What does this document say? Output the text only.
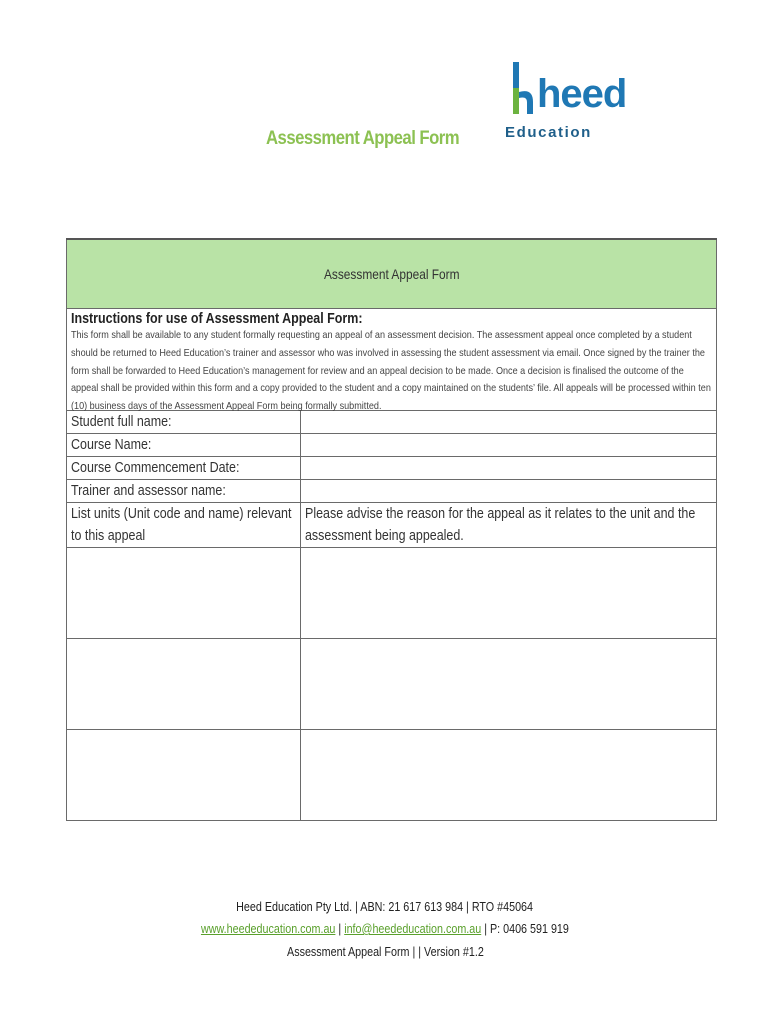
heed
Education
Assessment Appeal Form
Assessment Appeal Form	

Instructions for use of Assessment Appeal Form:
This form shall be available to any student formally requesting an appeal of an assessment decision. The assessment appeal once completed by a student should be returned to Heed Education’s trainer and assessor who was involved in assessing the student assessment via email. Once signed by the trainer the form shall be forwarded to Heed Education’s management for review and an appeal decision to be made. Once a decision is finalised the outcome of the appeal shall be provided within this form and a copy provided to the student and a copy maintained on the students’ file. All appeals will be processed within ten (10) business days of the Assessment Appeal Form being formally submitted.	

Student full name:	
Course Name:	
Course Commencement Date:	
Trainer and assessor name:	
List units (Unit code and name) relevant to this appeal	Please advise the reason for the appeal as it relates to the unit and the assessment being appealed.

Heed Education Pty Ltd. | ABN: 21 617 613 984 | RTO #45064
www.heededucation.com.au | info@heededucation.com.au | P: 0406 591 919
Assessment Appeal Form | | Version #1.2
